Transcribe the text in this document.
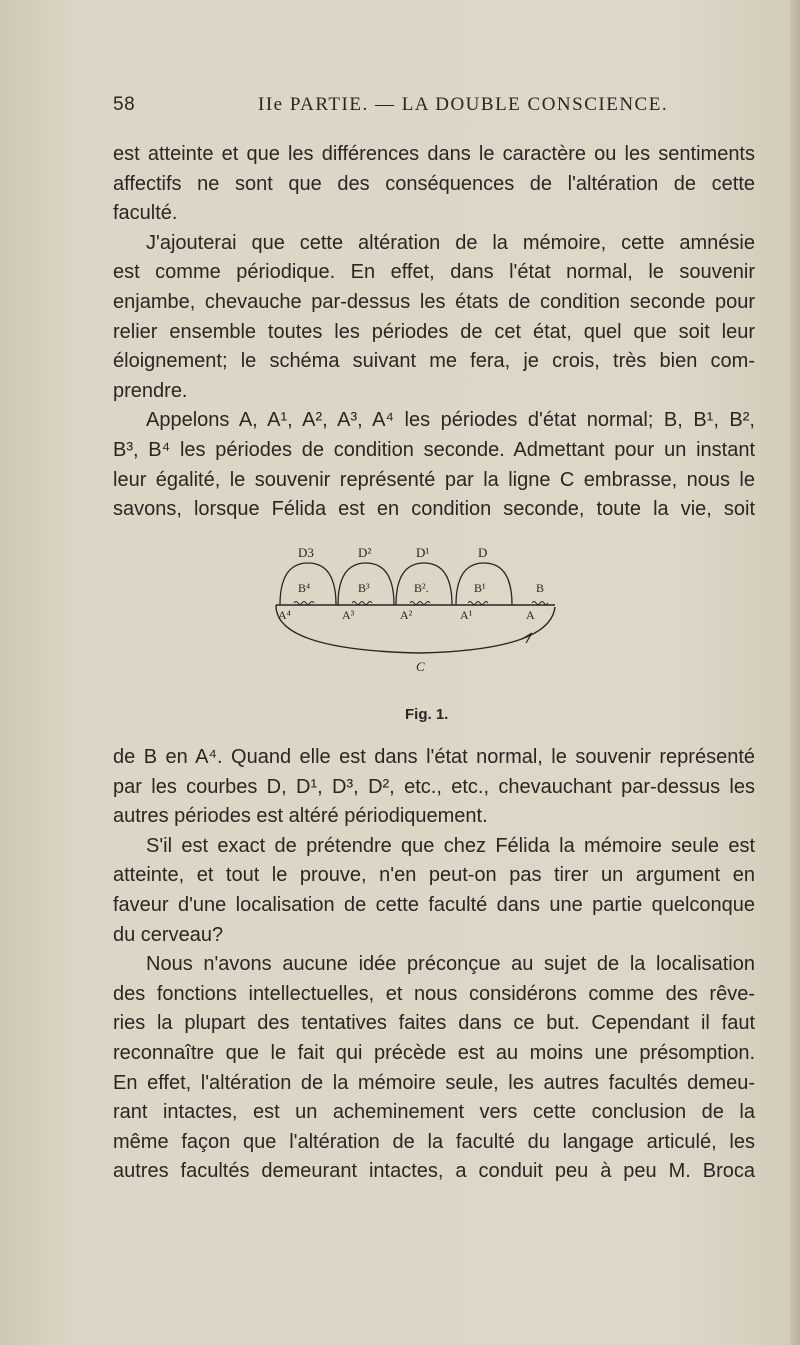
58	IIe PARTIE. — LA DOUBLE CONSCIENCE.
est atteinte et que les différences dans le caractère ou les sentiments
affectifs ne sont que des conséquences de l'altération de cette
faculté.
J'ajouterai que cette altération de la mémoire, cette amnésie
est comme périodique. En effet, dans l'état normal, le souvenir
enjambe, chevauche par-dessus les états de condition seconde pour
relier ensemble toutes les périodes de cet état, quel que soit leur
éloignement; le schéma suivant me fera, je crois, très bien com-
prendre.
Appelons A, A¹, A², A³, A⁴ les périodes d'état normal; B, B¹, B²,
B³, B⁴ les périodes de condition seconde. Admettant pour un instant
leur égalité, le souvenir représenté par la ligne C embrasse, nous le
savons, lorsque Félida est en condition seconde, toute la vie, soit
D3	D²	D¹	D
B⁴	B³	B².	B¹	B
A⁴	A³	A²	A¹	A
C
Fig. 1.
de B en A⁴. Quand elle est dans l'état normal, le souvenir représenté
par les courbes D, D¹, D³, D², etc., etc., chevauchant par-dessus les
autres périodes est altéré périodiquement.
S'il est exact de prétendre que chez Félida la mémoire seule est
atteinte, et tout le prouve, n'en peut-on pas tirer un argument en
faveur d'une localisation de cette faculté dans une partie quelconque
du cerveau?
Nous n'avons aucune idée préconçue au sujet de la localisation
des fonctions intellectuelles, et nous considérons comme des rêve-
ries la plupart des tentatives faites dans ce but. Cependant il faut
reconnaître que le fait qui précède est au moins une présomption.
En effet, l'altération de la mémoire seule, les autres facultés demeu-
rant intactes, est un acheminement vers cette conclusion de la
même façon que l'altération de la faculté du langage articulé, les
autres facultés demeurant intactes, a conduit peu à peu M. Broca
